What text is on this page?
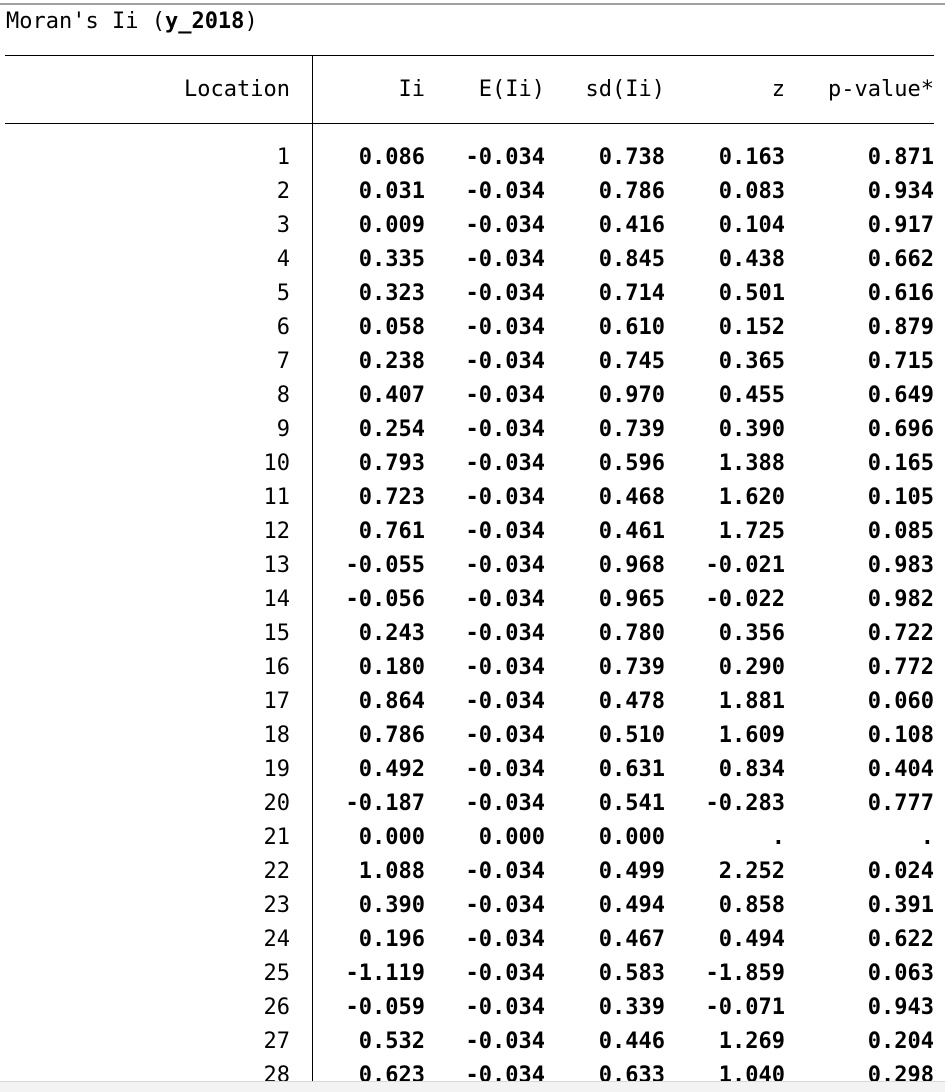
Moran's Ii (y_2018)
Location	Ii	E(Ii)	sd(Ii)	z	p-value*
1	0.086	-0.034	0.738	0.163	0.871
2	0.031	-0.034	0.786	0.083	0.934
3	0.009	-0.034	0.416	0.104	0.917
4	0.335	-0.034	0.845	0.438	0.662
5	0.323	-0.034	0.714	0.501	0.616
6	0.058	-0.034	0.610	0.152	0.879
7	0.238	-0.034	0.745	0.365	0.715
8	0.407	-0.034	0.970	0.455	0.649
9	0.254	-0.034	0.739	0.390	0.696
10	0.793	-0.034	0.596	1.388	0.165
11	0.723	-0.034	0.468	1.620	0.105
12	0.761	-0.034	0.461	1.725	0.085
13	-0.055	-0.034	0.968	-0.021	0.983
14	-0.056	-0.034	0.965	-0.022	0.982
15	0.243	-0.034	0.780	0.356	0.722
16	0.180	-0.034	0.739	0.290	0.772
17	0.864	-0.034	0.478	1.881	0.060
18	0.786	-0.034	0.510	1.609	0.108
19	0.492	-0.034	0.631	0.834	0.404
20	-0.187	-0.034	0.541	-0.283	0.777
21	0.000	0.000	0.000	.	.
22	1.088	-0.034	0.499	2.252	0.024
23	0.390	-0.034	0.494	0.858	0.391
24	0.196	-0.034	0.467	0.494	0.622
25	-1.119	-0.034	0.583	-1.859	0.063
26	-0.059	-0.034	0.339	-0.071	0.943
27	0.532	-0.034	0.446	1.269	0.204
28	0.623	-0.034	0.633	1.040	0.298
